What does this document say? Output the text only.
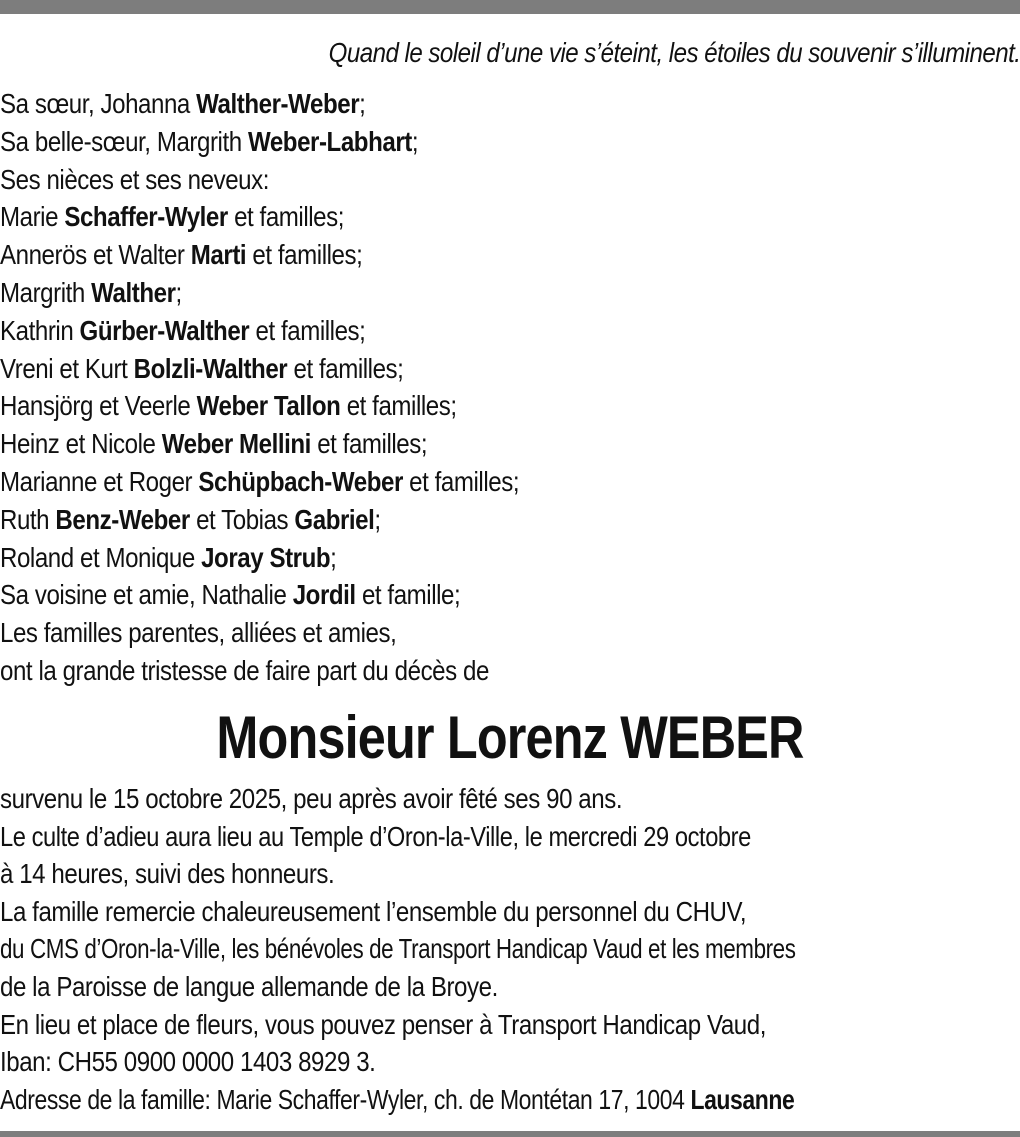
Quand le soleil d’une vie s’éteint, les étoiles du souvenir s’illuminent.
Sa sœur, Johanna Walther-Weber;
Sa belle-sœur, Margrith Weber-Labhart;
Ses nièces et ses neveux:
Marie Schaffer-Wyler et familles;
Annerös et Walter Marti et familles;
Margrith Walther;
Kathrin Gürber-Walther et familles;
Vreni et Kurt Bolzli-Walther et familles;
Hansjörg et Veerle Weber Tallon et familles;
Heinz et Nicole Weber Mellini et familles;
Marianne et Roger Schüpbach-Weber et familles;
Ruth Benz-Weber et Tobias Gabriel;
Roland et Monique Joray Strub;
Sa voisine et amie, Nathalie Jordil et famille;
Les familles parentes, alliées et amies,
ont la grande tristesse de faire part du décès de
Monsieur Lorenz WEBER
survenu le 15 octobre 2025, peu après avoir fêté ses 90 ans.
Le culte d’adieu aura lieu au Temple d’Oron-la-Ville, le mercredi 29 octobre
à 14 heures, suivi des honneurs.
La famille remercie chaleureusement l’ensemble du personnel du CHUV,
du CMS d’Oron-la-Ville, les bénévoles de Transport Handicap Vaud et les membres
de la Paroisse de langue allemande de la Broye.
En lieu et place de fleurs, vous pouvez penser à Transport Handicap Vaud,
Iban: CH55 0900 0000 1403 8929 3.
Adresse de la famille: Marie Schaffer-Wyler, ch. de Montétan 17, 1004 Lausanne
